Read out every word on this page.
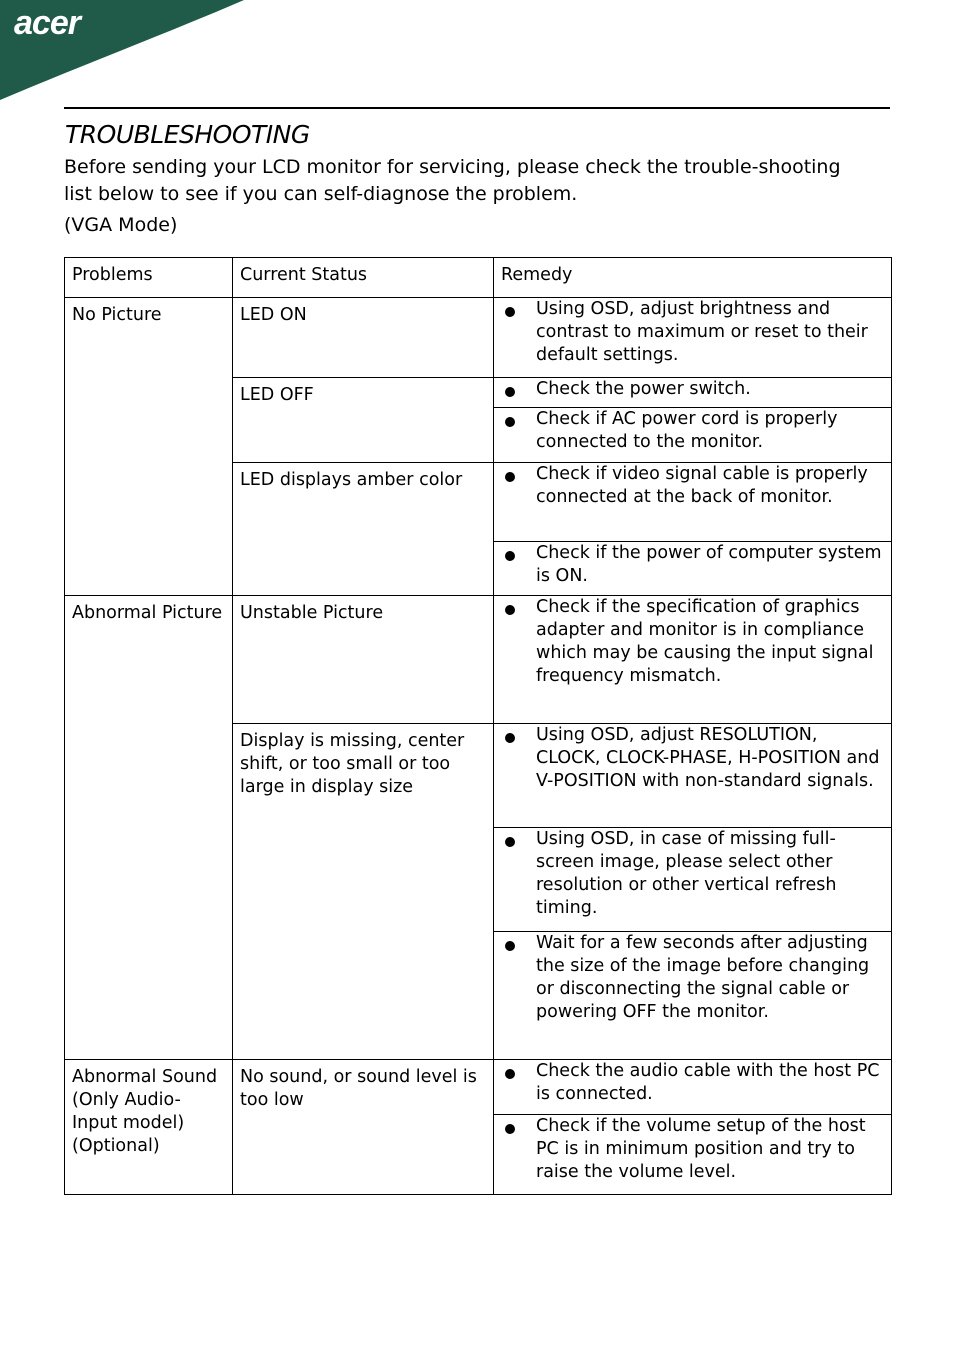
acer
TROUBLESHOOTING
Before sending your LCD monitor for servicing, please check the trouble-shooting list below to see if you can self-diagnose the problem.
(VGA Mode)
Problems	Current Status	Remedy
No Picture	LED ON	Using OSD, adjust brightness and contrast to maximum or reset to their default settings.

	LED OFF	Check the power switch.

		Check if AC power cord is properly connected to the monitor.

	LED displays amber color	Check if video signal cable is properly connected at the back of monitor.

		Check if the power of computer system is ON.

Abnormal Picture	Unstable Picture	Check if the specification of graphics adapter and monitor is in compliance which may be causing the input signal frequency mismatch.

	Display is missing, center shift, or too small or too large in display size	Using OSD, adjust RESOLUTION, CLOCK, CLOCK-PHASE, H-POSITION and V-POSITION with non-standard signals.

		Using OSD, in case of missing full-screen image, please select other resolution or other vertical refresh timing.

		Wait for a few seconds after adjusting the size of the image before changing or disconnecting the signal cable or powering OFF the monitor.

Abnormal Sound (Only Audio-Input model) (Optional)	No sound, or sound level is too low	Check the audio cable with the host PC is connected.

		Check if the volume setup of the host PC is in minimum position and try to raise the volume level.
